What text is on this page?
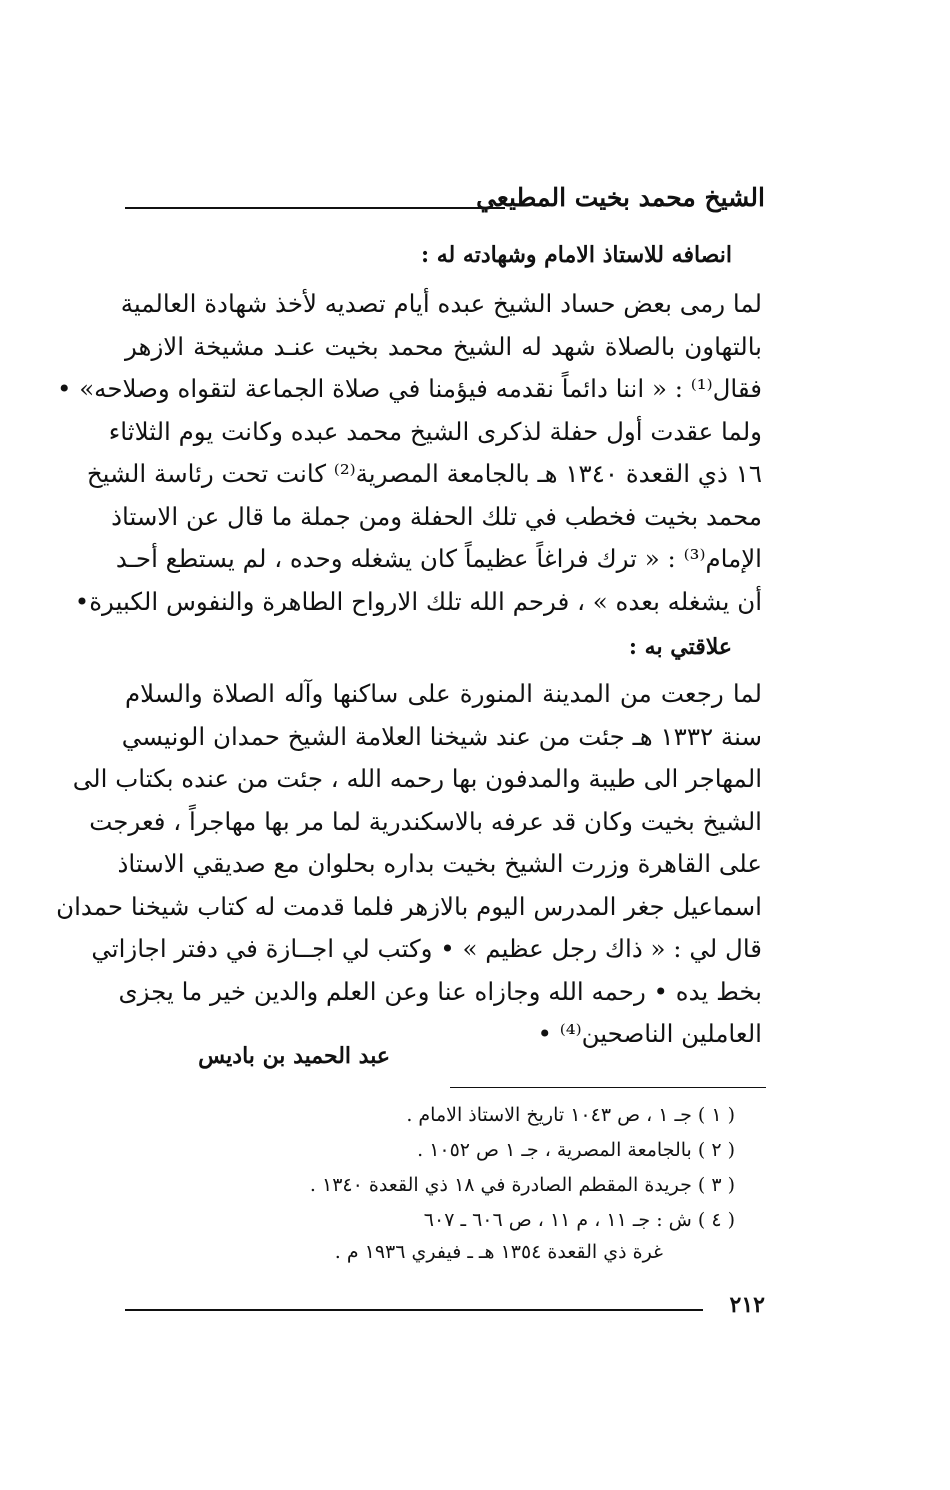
الشيخ محمد بخيت المطيعي
انصافه للاستاذ الامام وشهادته له :
لما رمى بعض حساد الشيخ عبده أيام تصديه لأخذ شهادة العالمية
بالتهاون بالصلاة شهد له الشيخ محمد بخيت عنـد مشيخة الازهر
فقال⁽¹⁾ : « اننا دائماً نقدمه فيؤمنا في صلاة الجماعة لتقواه وصلاحه» •
ولما عقدت أول حفلة لذكرى الشيخ محمد عبده وكانت يوم الثلاثاء
١٦ ذي القعدة ١٣٤٠ هـ بالجامعة المصرية⁽²⁾ كانت تحت رئاسة الشيخ
محمد بخيت فخطب في تلك الحفلة ومن جملة ما قال عن الاستاذ
الإمام⁽³⁾ : « ترك فراغاً عظيماً كان يشغله وحده ، لم يستطع أحـد
أن يشغله بعده » ، فرحم الله تلك الارواح الطاهرة والنفوس الكبيرة•
علاقتي به :
لما رجعت من المدينة المنورة على ساكنها وآله الصلاة والسلام
سنة ١٣٣٢ هـ جئت من عند شيخنا العلامة الشيخ حمدان الونيسي
المهاجر الى طيبة والمدفون بها رحمه الله ، جئت من عنده بكتاب الى
الشيخ بخيت وكان قد عرفه بالاسكندرية لما مر بها مهاجراً ، فعرجت
على القاهرة وزرت الشيخ بخيت بداره بحلوان مع صديقي الاستاذ
اسماعيل جغر المدرس اليوم بالازهر فلما قدمت له كتاب شيخنا حمدان
قال لي : « ذاك رجل عظيم » • وكتب لي اجــازة في دفتر اجازاتي
بخط يده • رحمه الله وجازاه عنا وعن العلم والدين خير ما يجزى
العاملين الناصحين⁽⁴⁾ •
عبد الحميد بن باديس
( ١ ) جـ ١ ، ص ١٠٤٣ تاريخ الاستاذ الامام .
( ٢ ) بالجامعة المصرية ، جـ ١ ص ١٠٥٢ .
( ٣ ) جريدة المقطم الصادرة في ١٨ ذي القعدة ١٣٤٠ .
( ٤ ) ش : جـ ١١ ، م ١١ ، ص ٦٠٦ ـ ٦٠٧
غرة ذي القعدة ١٣٥٤ هـ ـ فيفري ١٩٣٦ م .
٢١٢
